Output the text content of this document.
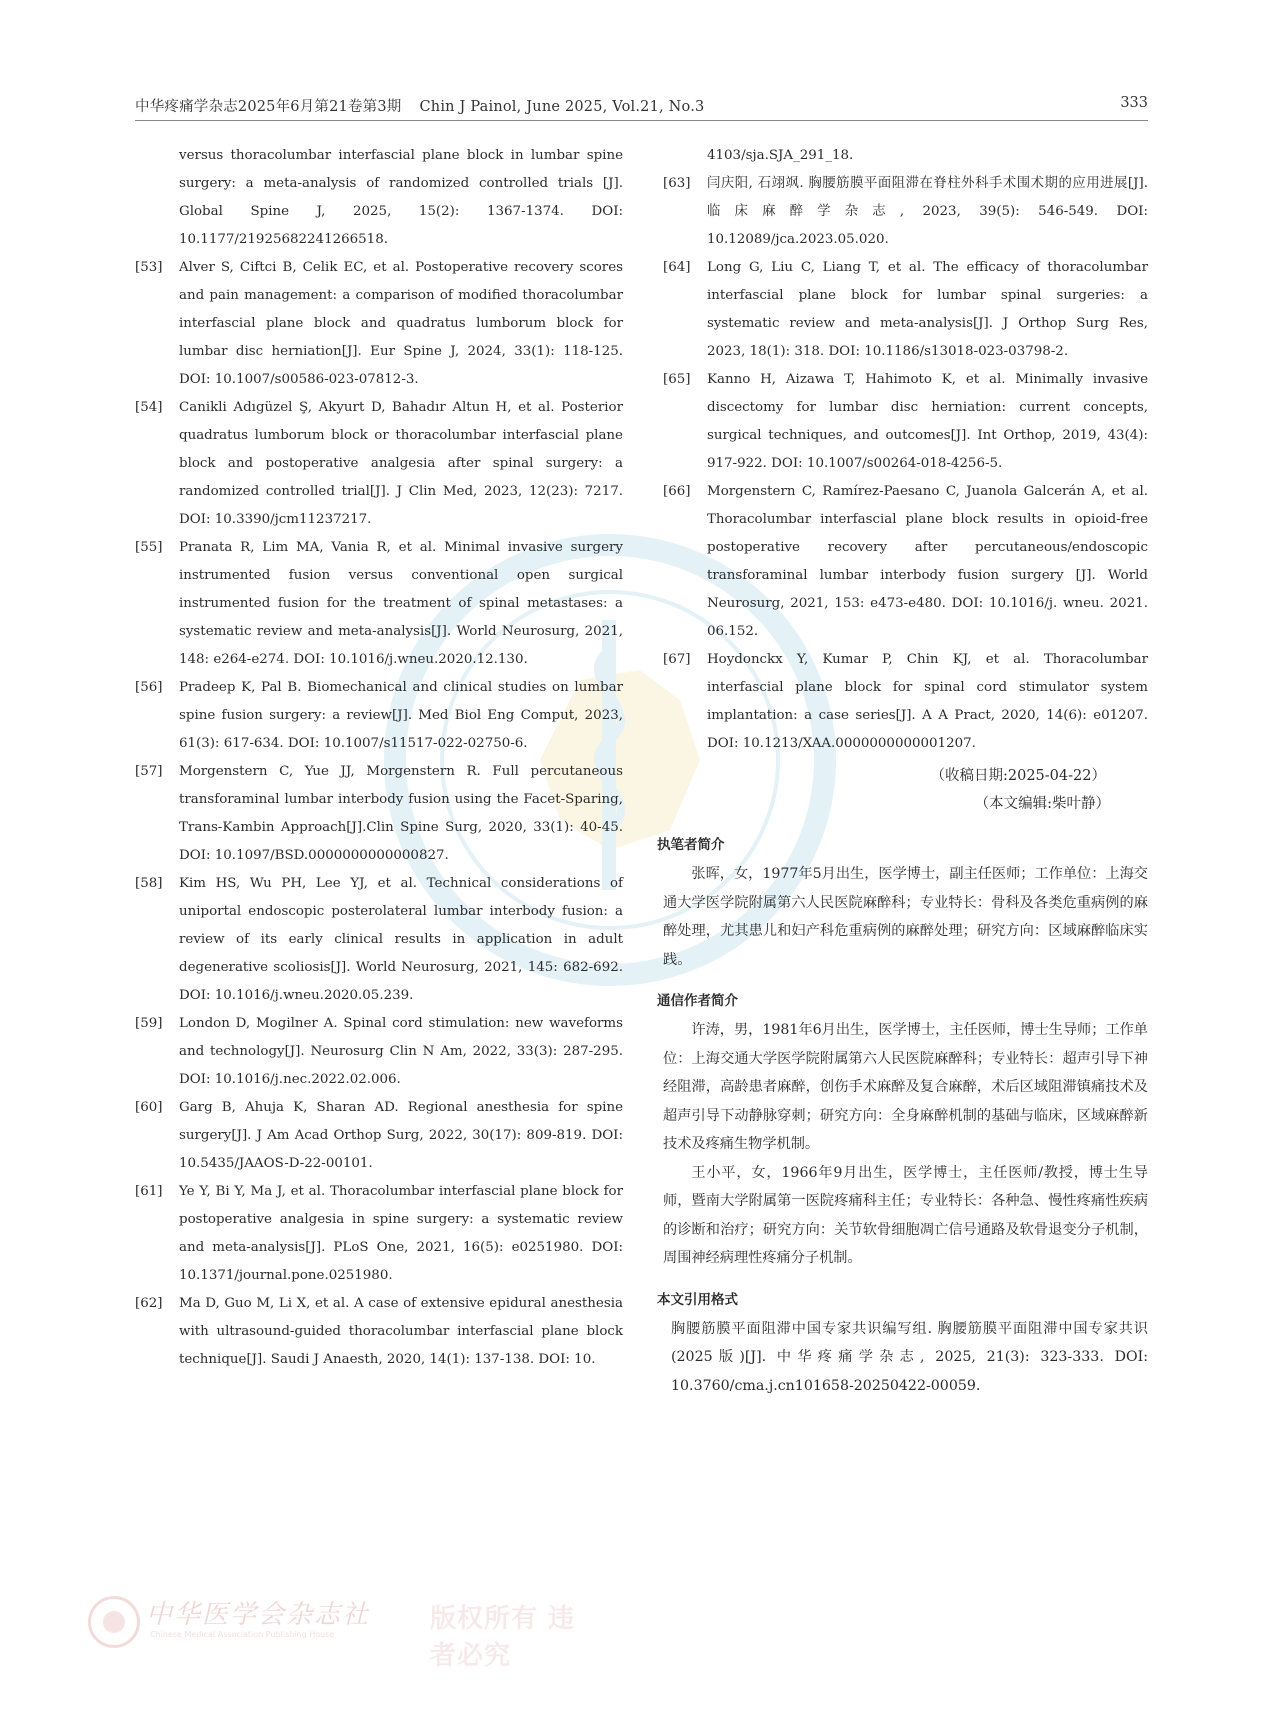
中华疼痛学杂志2025年6月第21卷第3期 Chin J Painol, June 2025, Vol.21, No.3	333

versus thoracolumbar interfascial plane block in lumbar spine surgery: a meta-analysis of randomized controlled trials [J]. Global Spine J, 2025, 15(2): 1367-1374. DOI: 10.1177/21925682241266518.

[53] Alver S, Ciftci B, Celik EC, et al. Postoperative recovery scores and pain management: a comparison of modified thoracolumbar interfascial plane block and quadratus lumborum block for lumbar disc herniation[J]. Eur Spine J, 2024, 33(1): 118-125. DOI: 10.1007/s00586-023-07812-3.

[54] Canikli Adıgüzel Ş, Akyurt D, Bahadır Altun H, et al. Posterior quadratus lumborum block or thoracolumbar interfascial plane block and postoperative analgesia after spinal surgery: a randomized controlled trial[J]. J Clin Med, 2023, 12(23): 7217. DOI: 10.3390/jcm11237217.

[55] Pranata R, Lim MA, Vania R, et al. Minimal invasive surgery instrumented fusion versus conventional open surgical instrumented fusion for the treatment of spinal metastases: a systematic review and meta-analysis[J]. World Neurosurg, 2021, 148: e264-e274. DOI: 10.1016/j.wneu.2020.12.130.

[56] Pradeep K, Pal B. Biomechanical and clinical studies on lumbar spine fusion surgery: a review[J]. Med Biol Eng Comput, 2023, 61(3): 617-634. DOI: 10.1007/s11517-022-02750-6.

[57] Morgenstern C, Yue JJ, Morgenstern R. Full percutaneous transforaminal lumbar interbody fusion using the Facet-Sparing, Trans-Kambin Approach[J].Clin Spine Surg, 2020, 33(1): 40-45. DOI: 10.1097/BSD.0000000000000827.

[58] Kim HS, Wu PH, Lee YJ, et al. Technical considerations of uniportal endoscopic posterolateral lumbar interbody fusion: a review of its early clinical results in application in adult degenerative scoliosis[J]. World Neurosurg, 2021, 145: 682-692. DOI: 10.1016/j.wneu.2020.05.239.

[59] London D, Mogilner A. Spinal cord stimulation: new waveforms and technology[J]. Neurosurg Clin N Am, 2022, 33(3): 287-295. DOI: 10.1016/j.nec.2022.02.006.

[60] Garg B, Ahuja K, Sharan AD. Regional anesthesia for spine surgery[J]. J Am Acad Orthop Surg, 2022, 30(17): 809-819. DOI: 10.5435/JAAOS-D-22-00101.

[61] Ye Y, Bi Y, Ma J, et al. Thoracolumbar interfascial plane block for postoperative analgesia in spine surgery: a systematic review and meta-analysis[J]. PLoS One, 2021, 16(5): e0251980. DOI: 10.1371/journal.pone.0251980.

[62] Ma D, Guo M, Li X, et al. A case of extensive epidural anesthesia with ultrasound-guided thoracolumbar interfascial plane block technique[J]. Saudi J Anaesth, 2020, 14(1): 137-138. DOI: 10.

4103/sja.SJA_291_18.

[63] 闫庆阳, 石翊飒. 胸腰筋膜平面阻滞在脊柱外科手术围术期的应用进展[J]. 临床麻醉学杂志, 2023, 39(5): 546-549. DOI: 10.12089/jca.2023.05.020.

[64] Long G, Liu C, Liang T, et al. The efficacy of thoracolumbar interfascial plane block for lumbar spinal surgeries: a systematic review and meta-analysis[J]. J Orthop Surg Res, 2023, 18(1): 318. DOI: 10.1186/s13018-023-03798-2.

[65] Kanno H, Aizawa T, Hahimoto K, et al. Minimally invasive discectomy for lumbar disc herniation: current concepts, surgical techniques, and outcomes[J]. Int Orthop, 2019, 43(4): 917-922. DOI: 10.1007/s00264-018-4256-5.

[66] Morgenstern C, Ramírez-Paesano C, Juanola Galcerán A, et al. Thoracolumbar interfascial plane block results in opioid-free postoperative recovery after percutaneous/endoscopic transforaminal lumbar interbody fusion surgery [J]. World Neurosurg, 2021, 153: e473-e480. DOI: 10.1016/j. wneu. 2021. 06.152.

[67] Hoydonckx Y, Kumar P, Chin KJ, et al. Thoracolumbar interfascial plane block for spinal cord stimulator system implantation: a case series[J]. A A Pract, 2020, 14(6): e01207. DOI: 10.1213/XAA.0000000000001207.

（收稿日期:2025-04-22）

（本文编辑:柴叶静）

执笔者简介

张晖，女，1977年5月出生，医学博士，副主任医师；工作单位：上海交通大学医学院附属第六人民医院麻醉科；专业特长：骨科及各类危重病例的麻醉处理，尤其患儿和妇产科危重病例的麻醉处理；研究方向：区域麻醉临床实践。

通信作者简介

许涛，男，1981年6月出生，医学博士，主任医师，博士生导师；工作单位：上海交通大学医学院附属第六人民医院麻醉科；专业特长：超声引导下神经阻滞，高龄患者麻醉，创伤手术麻醉及复合麻醉，术后区域阻滞镇痛技术及超声引导下动静脉穿刺；研究方向：全身麻醉机制的基础与临床，区域麻醉新技术及疼痛生物学机制。

王小平，女，1966年9月出生，医学博士，主任医师/教授，博士生导师，暨南大学附属第一医院疼痛科主任；专业特长：各种急、慢性疼痛性疾病的诊断和治疗；研究方向：关节软骨细胞凋亡信号通路及软骨退变分子机制，周围神经病理性疼痛分子机制。

本文引用格式

胸腰筋膜平面阻滞中国专家共识编写组. 胸腰筋膜平面阻滞中国专家共识(2025版)[J]. 中华疼痛学杂志, 2025, 21(3): 323-333. DOI: 10.3760/cma.j.cn101658-20250422-00059.

中华医学会杂志社
Chinese Medical Association Publishing House
版权所有 违者必究
